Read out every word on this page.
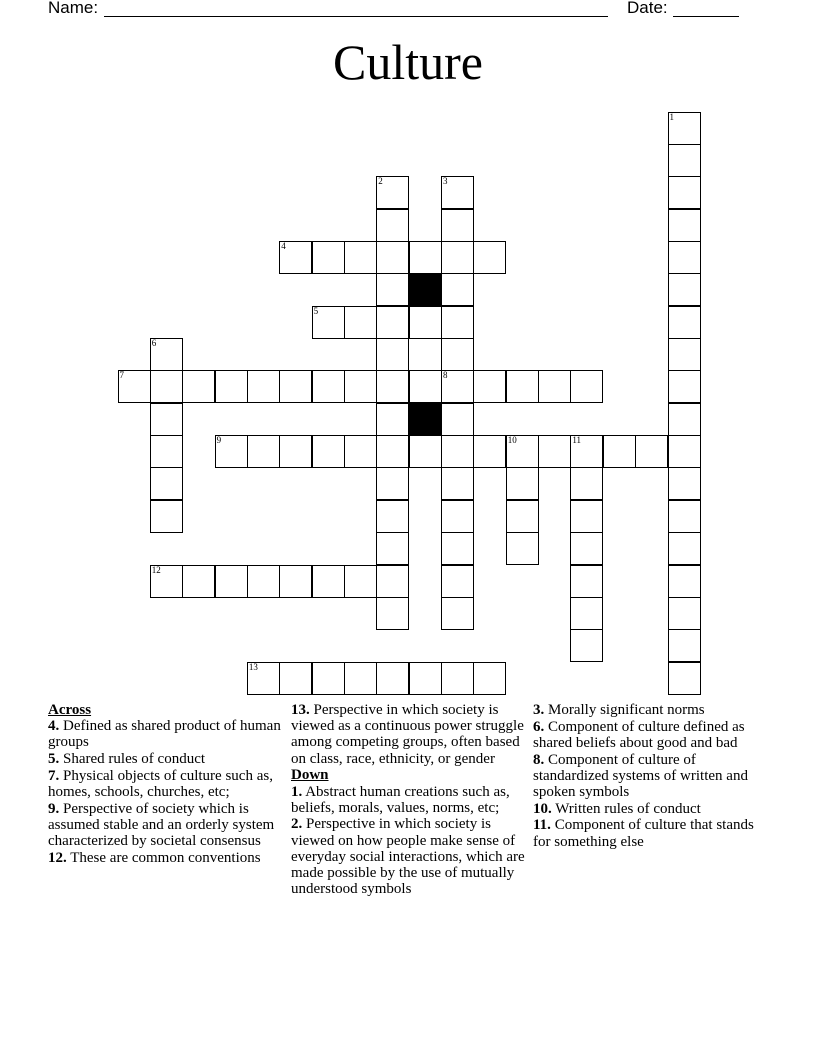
Name:	Date:
Culture
1
2	3
8
4
5
6
7
9	10	11
12
13

Across

4. Defined as shared product of human groups

5. Shared rules of conduct

7. Physical objects of culture such as, homes, schools, churches, etc;

9. Perspective of society which is assumed stable and an orderly system characterized by societal consensus

12. These are common conventions

13. Perspective in which society is viewed as a continuous power struggle among competing groups, often based on class, race, ethnicity, or gender

Down

1. Abstract human creations such as, beliefs, morals, values, norms, etc;

2. Perspective in which society is viewed on how people make sense of everyday social interactions, which are made possible by the use of mutually understood symbols

3. Morally significant norms

6. Component of culture defined as shared beliefs about good and bad

8. Component of culture of standardized systems of written and spoken symbols

10. Written rules of conduct

11. Component of culture that stands for something else
